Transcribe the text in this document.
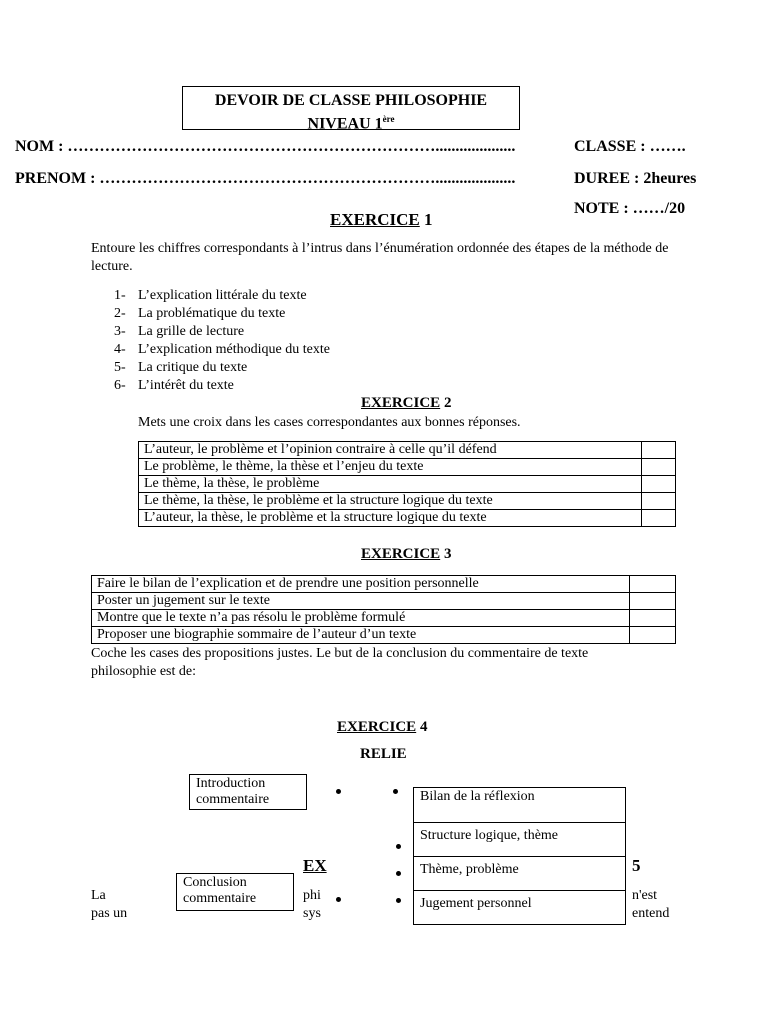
DEVOIR DE CLASSE PHILOSOPHIE
NIVEAU 1ère
NOM : ……………………………………………………………....................
PRENOM : ………………………………………………………....................
CLASSE : …….
DUREE : 2heures
NOTE : ……/20
EXERCICE 1
Entoure les chiffres correspondants à l’intrus dans l’énumération ordonnée des étapes de la méthode de lecture.
1- L’explication littérale du texte
2- La problématique du texte
3- La grille de lecture
4- L’explication méthodique du texte
5- La critique du texte
6- L’intérêt du texte
EXERCICE 2
Mets une croix dans les cases correspondantes aux bonnes réponses.
L’auteur, le problème et l’opinion contraire à celle qu’il défend	
Le problème, le thème, la thèse et l’enjeu du texte	
Le thème, la thèse, le problème	
Le thème, la thèse, le problème et la structure logique du texte	
L’auteur, la thèse, le problème et la structure logique du texte	
EXERCICE 3
Faire le bilan de l’explication et de prendre une position personnelle	
Poster un jugement sur le texte	
Montre que le texte n’a pas résolu le problème formulé	
Proposer une biographie sommaire de l’auteur d’un texte	
Coche les cases des propositions justes. Le but de la conclusion du commentaire de texte
philosophie est de:
EXERCICE 4
RELIE
EX	5
La
pas un
phi
sys
n'est
entend
Introduction
commentaire
Conclusion
commentaire
Bilan de la réflexion
Structure logique, thème
Thème, problème
Jugement personnel
